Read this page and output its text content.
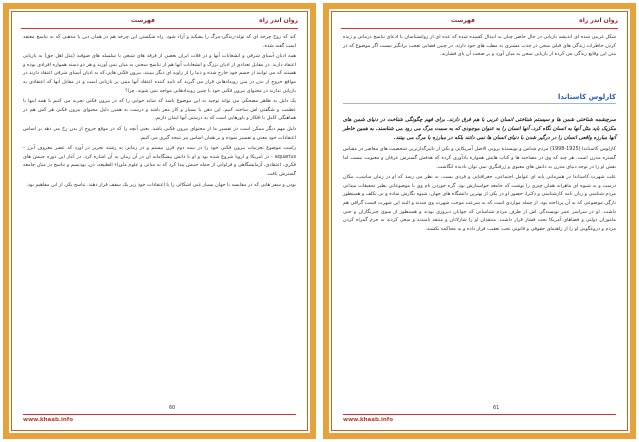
روان اندر راه
فهرست

کند که روح چرخه ای که تولد-زندگی-مرگ را بشکند و آزاد شود. راه شکستن این چرخه هم در همان دین یا مذهبی که به تناسخ معتقد است گفته شده.

همه ادیان آسیای شرقی و انشعابات آنها و در فلات ایران بعضی از فرقه های شیعی با سلسله های صوفیه (مثل اهل حق) به بازیابی اعتقاد دارند. در مقابل تعدادی از ادیان بزرگ و انشعابات آنها هم از تناسخ سخنی به میان نمی آورند و هر دو دسته همواره افرادی بوده و هستند که می توانند از جسم خود خارج شده و دنیا را از زاویه ای دیگر ببینند. بیرون فکنی هایی که به ادیان آسیای شرقی اعتقاد دارند در مواقع خروج از بدن در متن رویدادهایی قرار می گیرند که تایید کننده اعتقاد آنها مبنی بر بازیابی است و در مقابل آنها که اعتقادی به بازیابی ندارند در محتوای بیرون فکنی خود با چنین رویدادهایی مواجه نمی شوند. چرا؟

یک دلیل به ظاهر مضحکی می تواند توجیه به این موضوع باشد که شاید خوابی را که در بیرون فکنی تجربه می کنیم با همه اینها با عظمت و شگفتی اش ساخته کنیم. این ذهن با بسیار و کار مغز باشد و درست به همین دلیل محتوای بیرون فکنی هر کس هم در هماهنگی کامل با افکار و باورهایی است که به درستی آنها ایمان داریم.

دلیل مهم دیگر ممکن است در تفسیر ما از محتوای بیرون فکنی باشد. یعنی آنچه را که در موقع خروج از بدن رخ می دهد بر اساس اعتقادات خود معنی و تفسیر نموده و بر همان اساس نیز نتیجه گیری می کنیم.

راست موضوع تجربیات بیرون فکنی خود را در نیمه دوم قرن بیستم و در زمانی به رشته تحریر در آورد که عصر معروف آبرز - aquarius - در امریکا و اروپا شروع شده بود و او با دانش پیشگامانه آن در آن زمان به آن اشاره کرد. در آغاز این دوره جنبش های فکری، اعتقادی، آزمایشگاهی و فراوانی از جمله جنبش پیدا کرد که به مبانی و علوم ماوراء الطبیعه، ذن، بودیسم و تناسخ در میان جامعه گسترش یافت.

بودن و سفر هایی که در مقایسه با جهان بسیار غنی اشکالی را با اعتقادات خود زیر یک سقف قرار دهند. تناسخ یکی از این مفاهیم بود.

60
www.khaab.info
روان اندر راه
فهرست

شکل غریبی شده ای اندیشه بازیابی در حال حاضر چنان به ابتذال کشیده شده که عده ای از روانشناسان با ادعای تناسخ درمانی و زنده کردن خاطرات زندگی های قبلی سخن در جذب مشتری به مطب های خود دارند. در چنین فضایی تعجب برانگیز نیست اگر موضوع که در متن این وقایع زندگی می کرده از بازیابی سخن به میان آورد و بر صحت آن پای فشارند.

کارلوس کاستاندا

سرچشمه شناختی شمن ها و سیستم شناختی انسان غربی با هم فرق دارند. برای فهم چگونگی شناخت در دنیای شمن های مکزیک باید مثل آنها به انسان نگاه کرد. آنها انسان را به عنوان موجودی که به سمت مرگ می رود می شناسند. به همین خاطر آنها مبارزه واقعی انسان را در درگیر شدن با دنیای انسان ها نمی دانند بلکه در مبارزه با مرگ می بینند.

کارلوس کاستاندا (1925-1998) مردم شناس و نویسنده پرویی الاصل آمریکایی و یکی از تاثیرگذارترین شخصیت های معاصر در مقیاس گستره مدرن است. هر چند که وی در مصاحبه ها و کتاب هایش همواره یادآوری کرده که هدفش گسترش عرفان و معنویت نیست اما نقش او را در توجه دنیای مدرن به دانش های معنوی و ژرفنگری نمی توان نادیده انگاشت.

علت شهرت کاستاندا در همزمانی پایه ای عوامل اجتماعی، جغرافیایی و فردی بست. به نظر می رسد که او در زمان مناسب، مکان درست و به شیوه ای ماهرانه همان چیزی را نوشت که جامعه خواستارش بود. گره خوردن نام وی با موضوعاتی نظیر تحقیقات میدانی مردم شناسی و زبان نامه کارشناسی و دکترا، حضور او در یکی از بهترین دانشگاه های جهان، شیوه نگارش ساده و بی تکلف و همینطور تازگی موضوعی که به آن پرداخته بود، از جمله مواردی است که به سرعت موجب شهرت وی شدند و البته این شهرت قیمت گرافی هم داشت. او در سراسر عمر نویسندگی اش از طرف مردم شناسانی که جوانان دیروزی بودند و همینطور از سوی خبرنگاران و حتی ماموران دولتی و فضاهای آمریکا تحت فشار قرار داشت. منتقدان او را شارلاتان و منتقد نامیدند و سعی کردند به جرم گمراه کردن مردم و دروغگویی او را از راهنمای حقوقی و قانونی تحت تعقیب قرار داده و به محاکمه بکشند.

61
www.khaab.info
